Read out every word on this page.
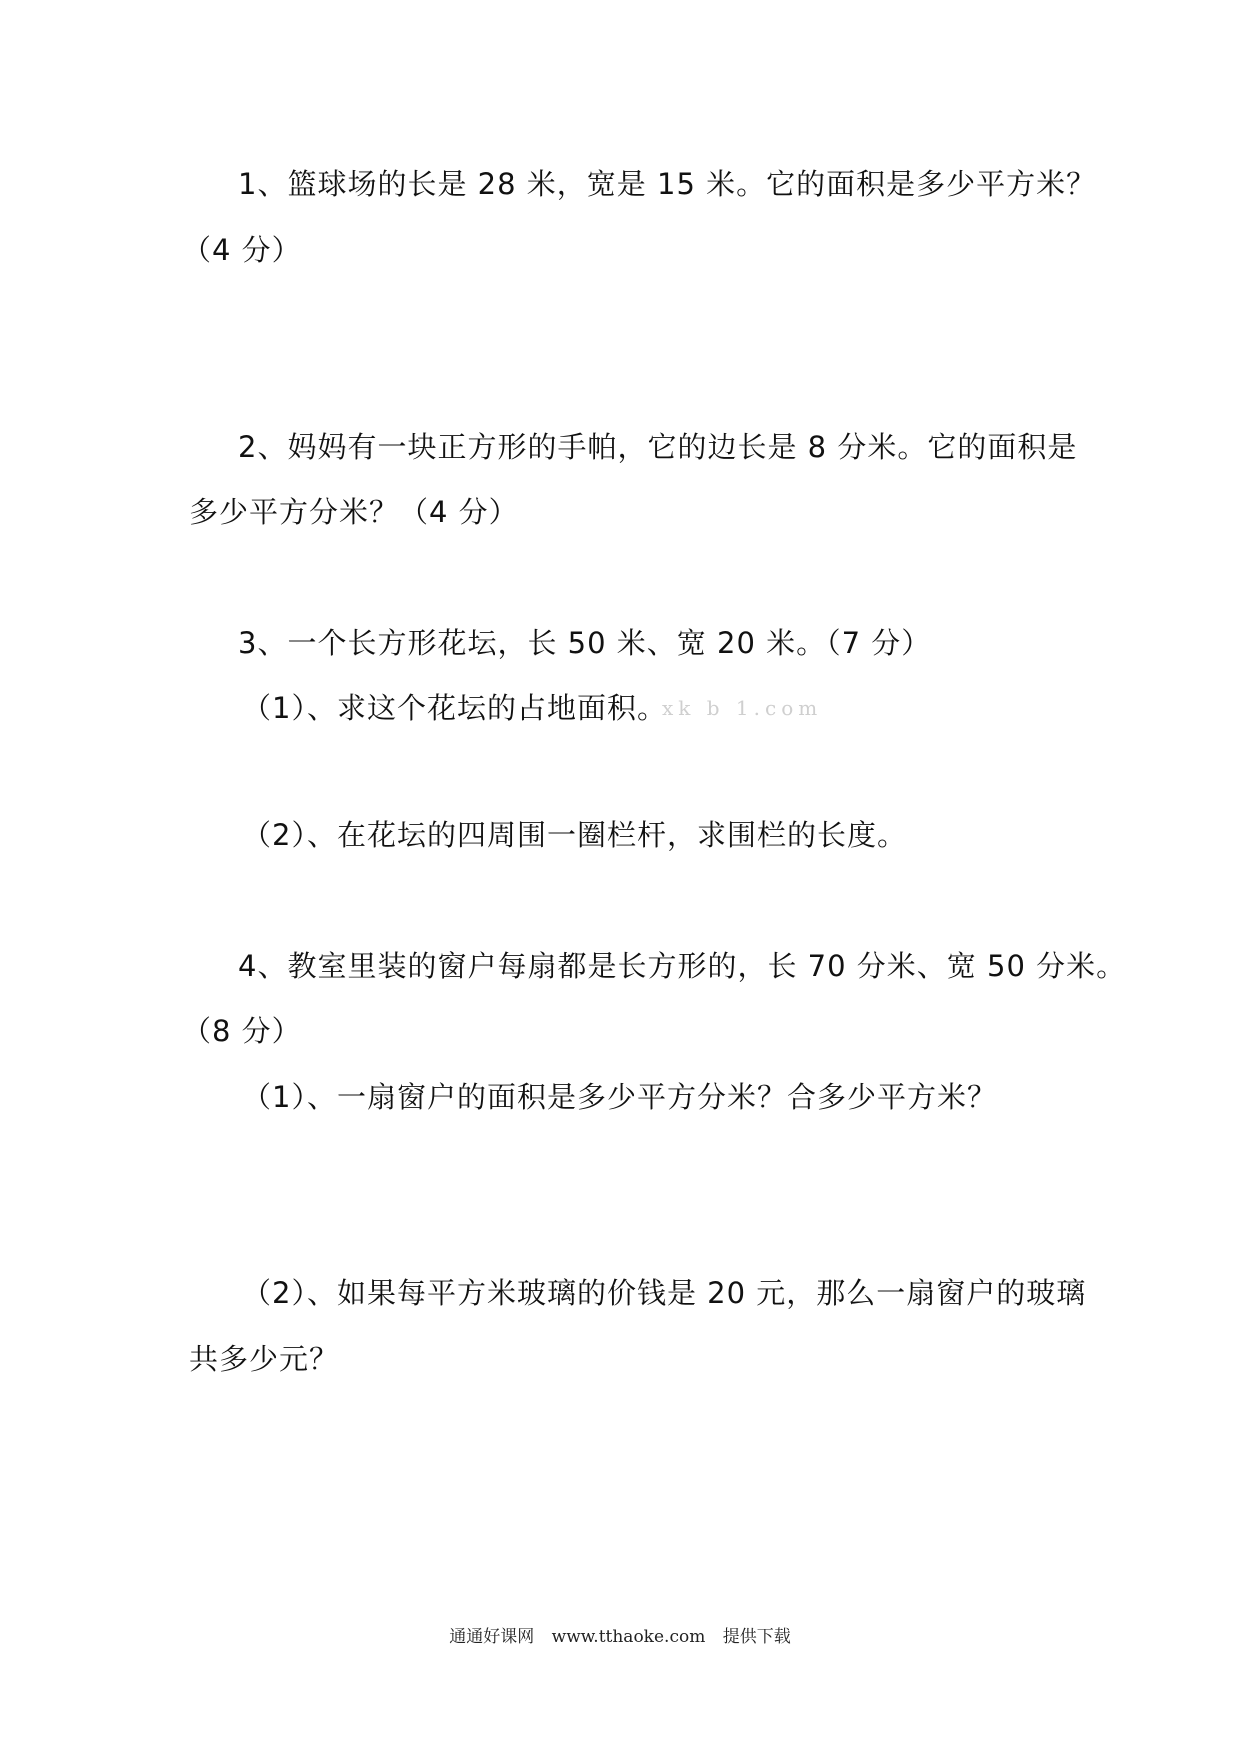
1、篮球场的长是 28 米，宽是 15 米。它的面积是多少平方米？
（4 分）
2、妈妈有一块正方形的手帕，它的边长是 8 分米。它的面积是
多少平方分米？（4 分）
3、一个长方形花坛，长 50 米、宽 20 米。（7 分）
（1）、求这个花坛的占地面积。
xk b 1.com
（2）、在花坛的四周围一圈栏杆，求围栏的长度。
4、教室里装的窗户每扇都是长方形的，长 70 分米、宽 50 分米。
（8 分）
（1）、一扇窗户的面积是多少平方分米？合多少平方米？
（2）、如果每平方米玻璃的价钱是 20 元，那么一扇窗户的玻璃
共多少元？
通通好课网 www.tthaoke.com 提供下载
